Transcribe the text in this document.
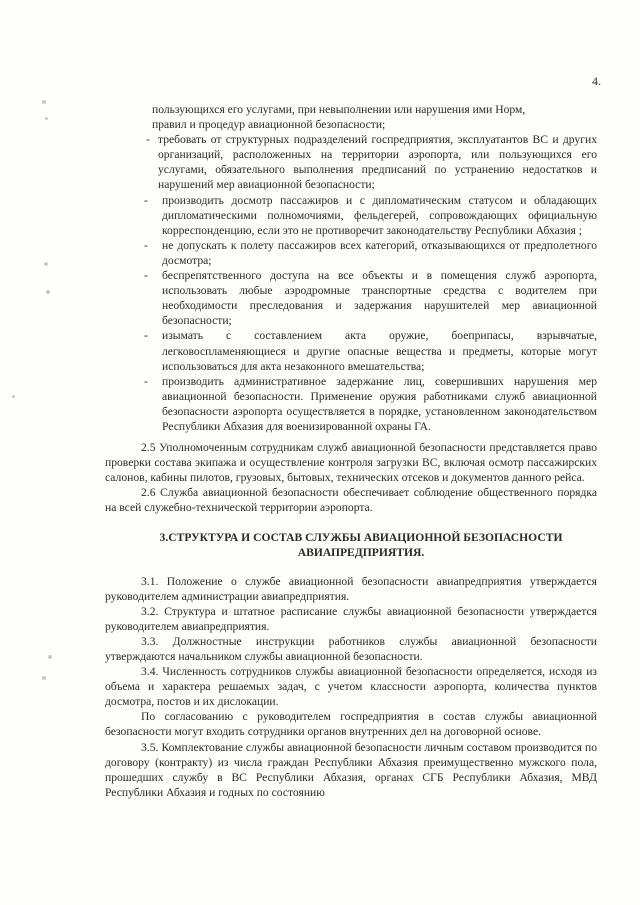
4.

пользующихся его услугами, при невыполнении или нарушения ими Норм,

правил и процедур авиационной безопасности;

- требовать от структурных подразделений госпредприятия, эксплуатантов ВС и других организаций, расположенных на территории аэропорта, или пользующихся его услугами, обязательного выполнения предписаний по устранению недостатков и нарушений мер авиационной безопасности;
-	производить досмотр пассажиров и с дипломатическим статусом и обладающих дипломатическими полномочиями, фельдегерей, сопровождающих официальную корреспонденцию, если это не противоречит законодательству Республики Абхазия ;
-	не допускать к полету пассажиров всех категорий, отказывающихся от предполетного досмотра;
-	беспрепятственного доступа на все объекты и в помещения служб аэропорта, использовать любые аэродромные транспортные средства с водителем при необходимости преследования и задержания нарушителей мер авиационной безопасности;
-	изымать с составлением акта оружие, боеприпасы, взрывчатые, легковоспламеняющиеся и другие опасные вещества и предметы, которые могут использоваться для акта незаконного вмешательства;
-	производить административное задержание лиц, совершивших нарушения мер авиационной безопасности. Применение оружия работниками служб авиационной безопасности аэропорта осуществляется в порядке, установленном законодательством Республики Абхазия для военизированной охраны ГА.

2.5 Уполномоченным сотрудникам служб авиационной безопасности представляется право проверки состава экипажа и осуществление контроля загрузки ВС, включая осмотр пассажирских салонов, кабины пилотов, грузовых, бытовых, технических отсеков и документов данного рейса.

2.6 Служба авиационной безопасности обеспечивает соблюдение общественного порядка на всей служебно-технической территории аэропорта.

3.СТРУКТУРА И СОСТАВ СЛУЖБЫ АВИАЦИОННОЙ БЕЗОПАСНОСТИ
АВИАПРЕДПРИЯТИЯ.

3.1. Положение о службе авиационной безопасности авиапредприятия утверждается руководителем администрации авиапредприятия.

3.2. Структура и штатное расписание службы авиационной безопасности утверждается руководителем авиапредприятия.

3.3. Должностные инструкции работников службы авиационной безопасности утверждаются начальником службы авиационной безопасности.

3.4. Численность сотрудников службы авиационной безопасности определяется, исходя из объема и характера решаемых задач, с учетом классности аэропорта, количества пунктов досмотра, постов и их дислокации.

По согласованию с руководителем госпредприятия в состав службы авиационной безопасности могут входить сотрудники органов внутренних дел на договорной основе.

3.5. Комплектование службы авиационной безопасности личным составом производится по договору (контракту) из числа граждан Республики Абхазия преимущественно мужского пола, прошедших службу в ВС Республики Абхазия, органах СГБ Республики Абхазия, МВД Республики Абхазия и годных по состоянию
